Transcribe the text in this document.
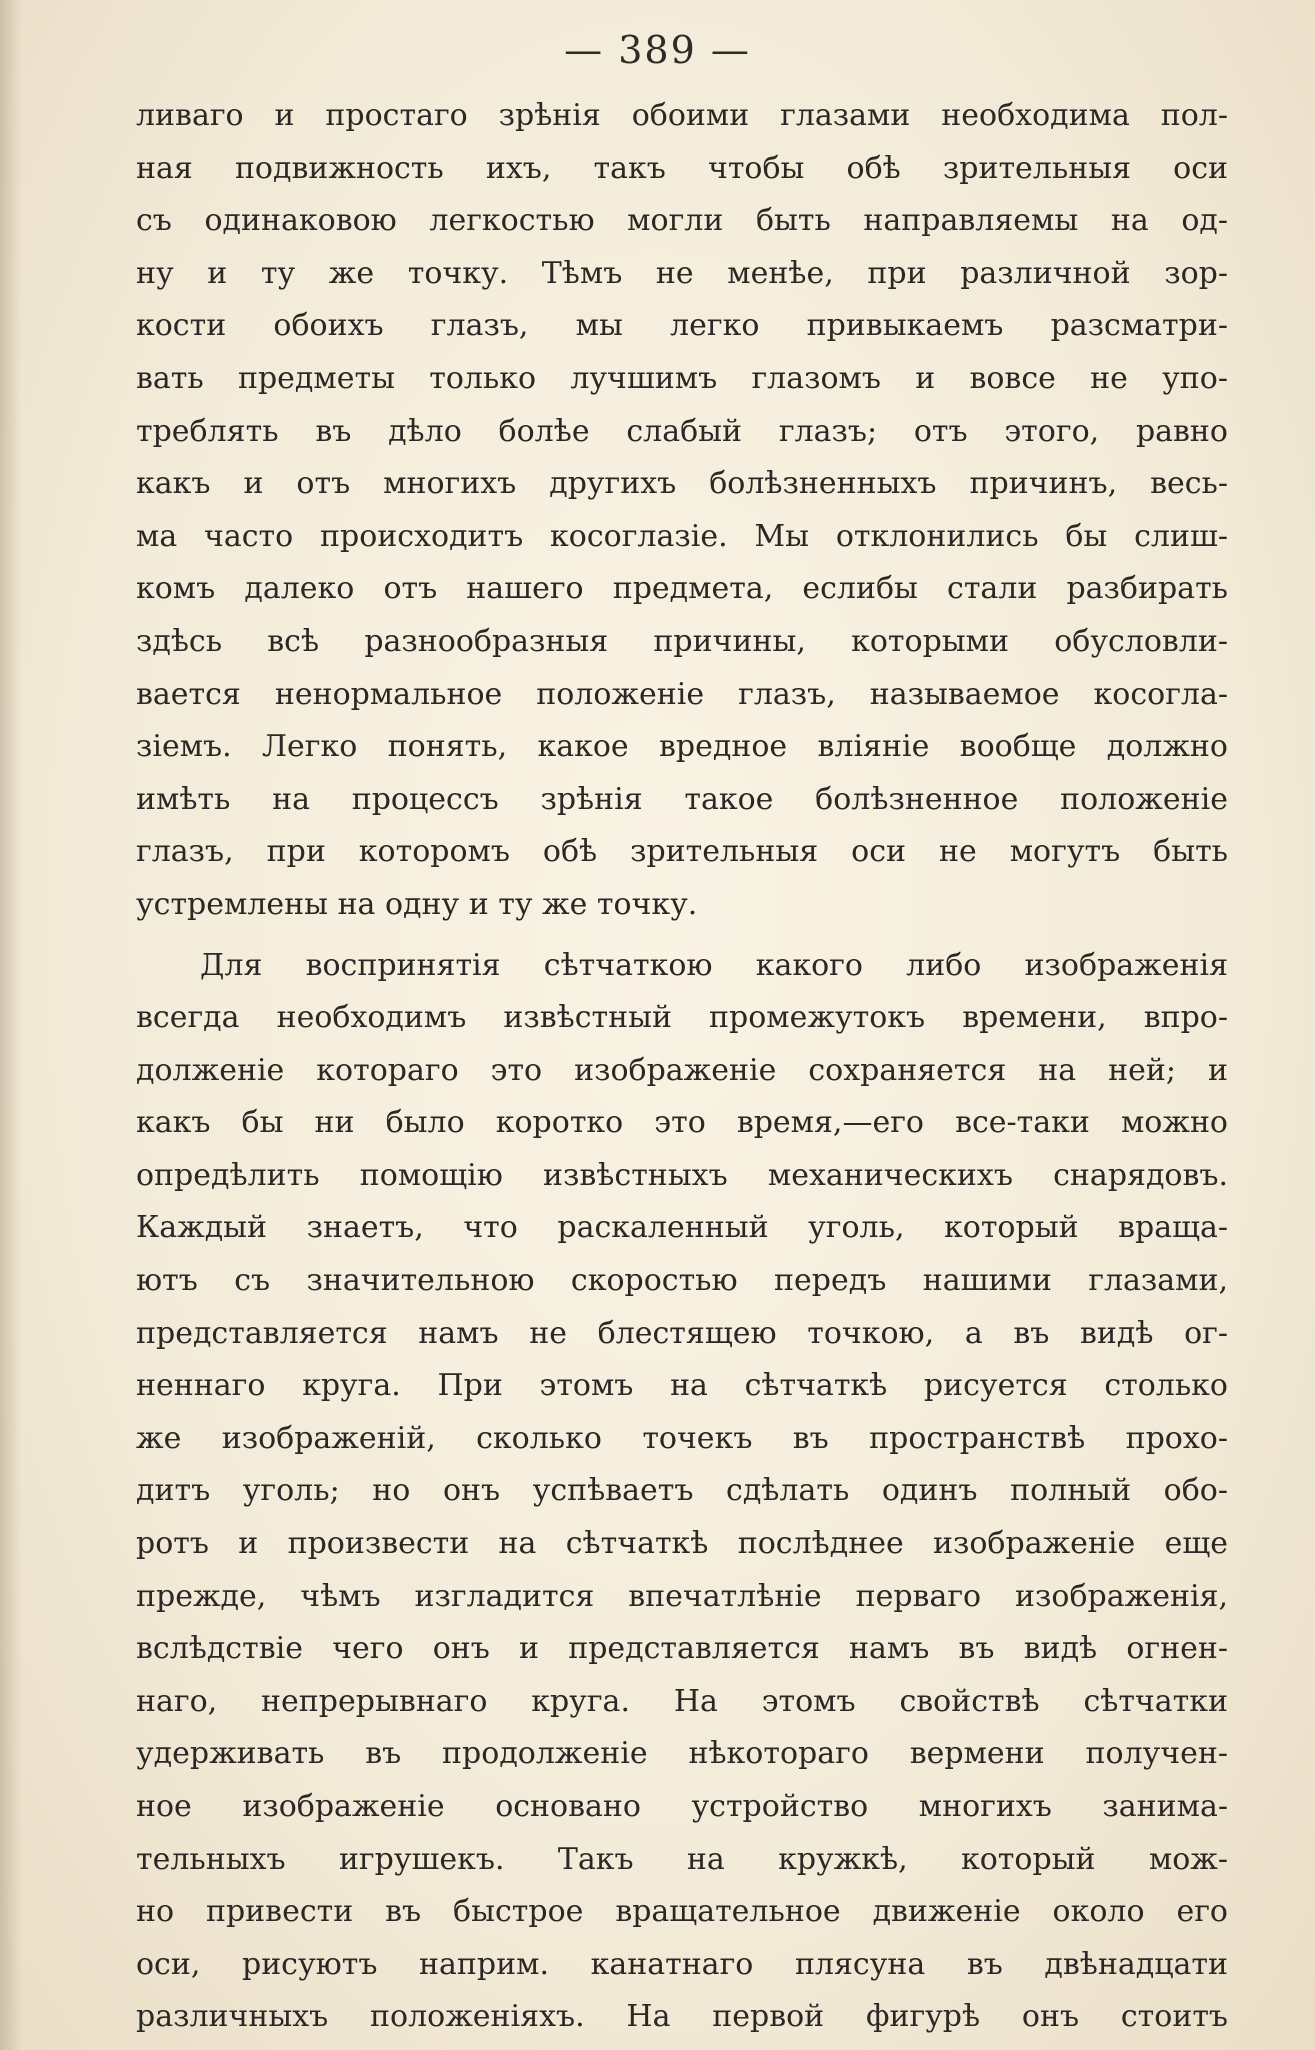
— 389 —
ливаго и простаго зрѣнія обоими глазами необходима пол-
ная подвижность ихъ, такъ чтобы обѣ зрительныя оси
съ одинаковою легкостью могли быть направляемы на од-
ну и ту же точку. Тѣмъ не менѣе, при различной зор-
кости обоихъ глазъ, мы легко привыкаемъ разсматри-
вать предметы только лучшимъ глазомъ и вовсе не упо-
треблять въ дѣло болѣе слабый глазъ; отъ этого, равно
какъ и отъ многихъ другихъ болѣзненныхъ причинъ, весь-
ма часто происходитъ косоглазіе. Мы отклонились бы слиш-
комъ далеко отъ нашего предмета, еслибы стали разбирать
здѣсь всѣ разнообразныя причины, которыми обусловли-
вается ненормальное положеніе глазъ, называемое косогла-
зіемъ. Легко понять, какое вредное вліяніе вообще должно
имѣть на процессъ зрѣнія такое болѣзненное положеніе
глазъ, при которомъ обѣ зрительныя оси не могутъ быть
устремлены на одну и ту же точку.
Для воспринятія сѣтчаткою какого либо изображенія
всегда необходимъ извѣстный промежутокъ времени, впро-
долженіе котораго это изображеніе сохраняется на ней; и
какъ бы ни было коротко это время,—его все-таки можно
опредѣлить помощію извѣстныхъ механическихъ снарядовъ.
Каждый знаетъ, что раскаленный уголь, который враща-
ютъ съ значительною скоростью передъ нашими глазами,
представляется намъ не блестящею точкою, а въ видѣ ог-
неннаго круга. При этомъ на сѣтчаткѣ рисуется столько
же изображеній, сколько точекъ въ пространствѣ прохо-
дитъ уголь; но онъ успѣваетъ сдѣлать одинъ полный обо-
ротъ и произвести на сѣтчаткѣ послѣднее изображеніе еще
прежде, чѣмъ изгладится впечатлѣніе перваго изображенія,
вслѣдствіе чего онъ и представляется намъ въ видѣ огнен-
наго, непрерывнаго круга. На этомъ свойствѣ сѣтчатки
удерживать въ продолженіе нѣкотораго вермени получен-
ное изображеніе основано устройство многихъ занима-
тельныхъ игрушекъ. Такъ на кружкѣ, который мож-
но привести въ быстрое вращательное движеніе около его
оси, рисуютъ наприм. канатнаго плясуна въ двѣнадцати
различныхъ положеніяхъ. На первой фигурѣ онъ стоитъ
